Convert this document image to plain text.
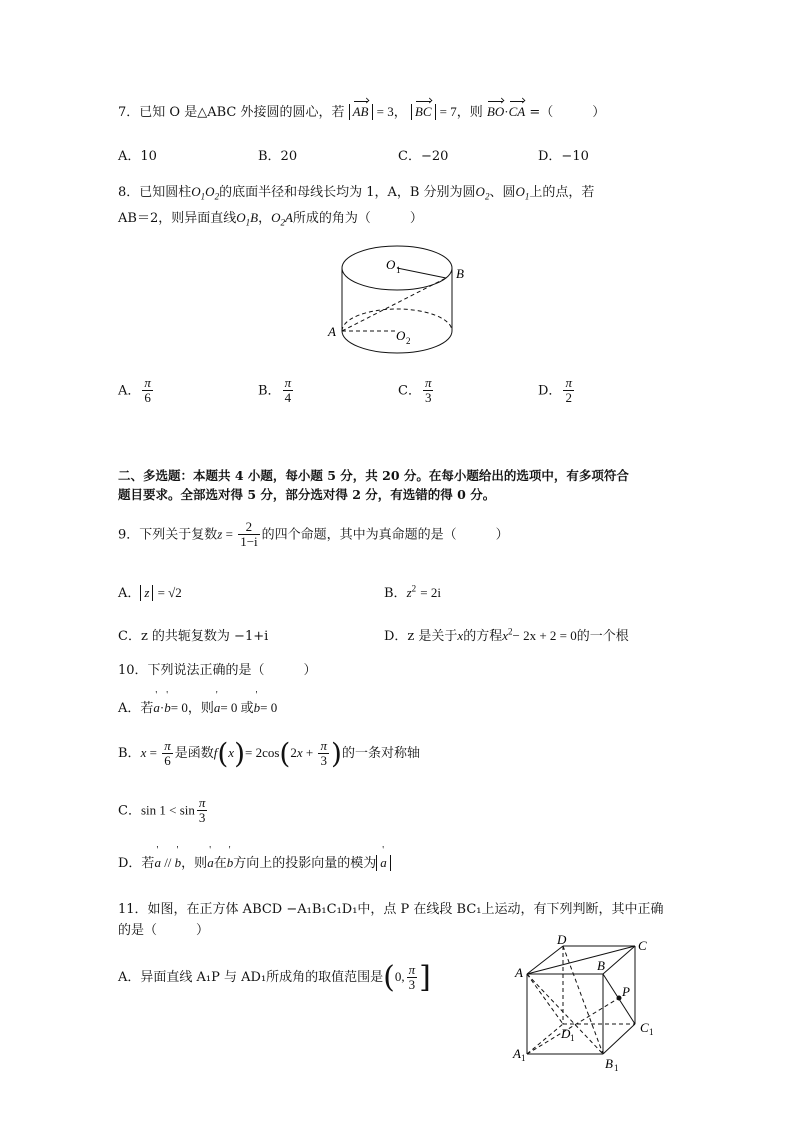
7．已知 O 是△ABC 外接圆的圆心，若 AB = 3， BC = 7，则 BO·CA =（　　　）
A．10	B．20	C．−20	D．−10
8．已知圆柱$O_1O_2$的底面半径和母线长均为 1，A，B 分别为圆$O_2$、圆$O_1$上的点，若
AB＝2，则异面直线$O_1B$，$O_2A$所成的角为（　　　）
O 1	B
A	O 2
A． $\frac{\pi}{6}$	B． $\frac{\pi}{4}$	C． $\frac{\pi}{3}$	D． $\frac{\pi}{2}$
二、多选题：本题共 4 小题，每小题 5 分，共 20 分。在每小题给出的选项中，有多项符合
题目要求。全部选对得 5 分，部分选对得 2 分，有选错的得 0 分。
9．下列关于复数$z = \frac{2}{1-i}$ 的四个命题，其中为真命题的是（　　　）
A． z = √2	B．$z^2 = 2i$
C．z 的共轭复数为 −1+i	D．z 是关于x的方程$x^2- 2x + 2 = 0$的一个根
10．下列说法正确的是（　　　）
A．若' a·' b= 0，则' a= 0 或' b= 0
B．$x = \frac{\pi}{6}$ 是函数$f(x)= 2\cos(2x + \frac{\pi}{3}$ )的一条对称轴
C．$\sin 1 < \sin \frac{\pi}{3}$
D．若' a // ' b，则' a在' b方向上的投影向量的模为' a
11．如图，在正方体 ABCD −A₁B₁C₁D₁中，点 P 在线段 BC₁上运动，有下列判断，其中正确
的是（　　　）
A．异面直线 A₁P 与 AD₁所成角的取值范围是(0, $\frac{\pi}{3}$ ]
D	C
A	B
P
D 1
C 1
A 1	B 1
